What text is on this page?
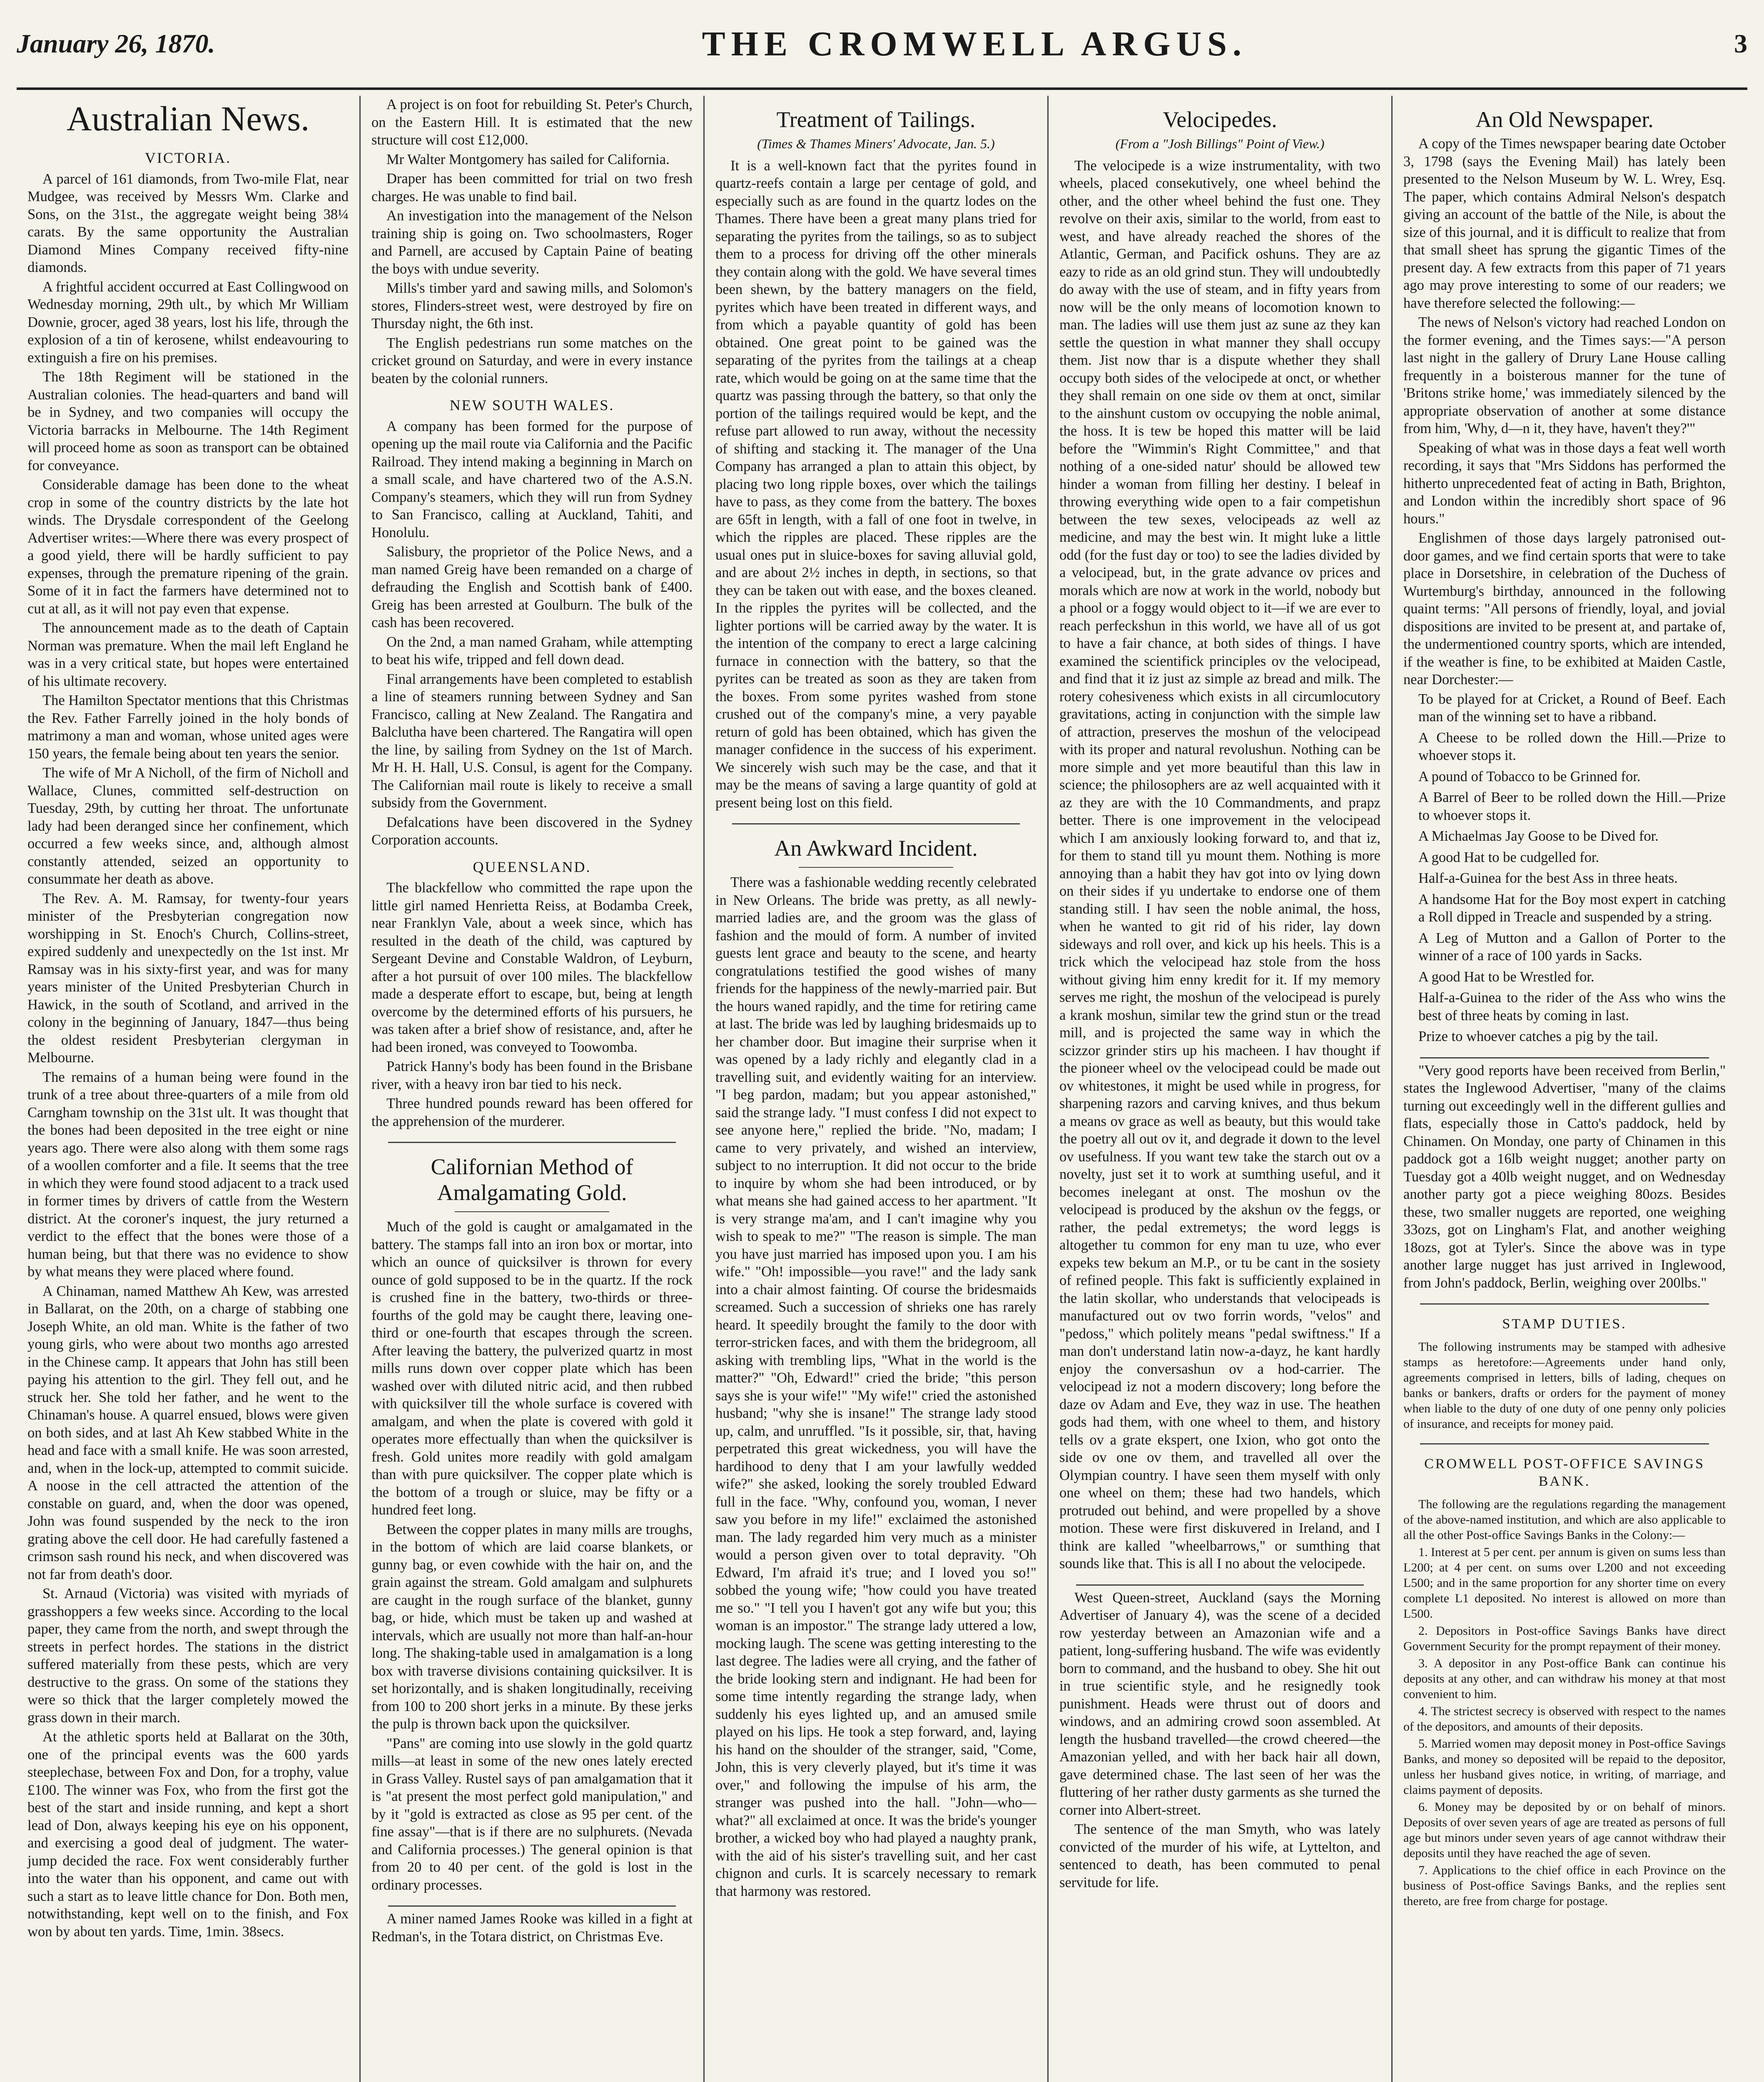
January 26, 1870.	THE CROMWELL ARGUS.	3
Australian News.
VICTORIA.

A parcel of 161 diamonds, from Two-mile Flat, near Mudgee, was received by Messrs Wm. Clarke and Sons, on the 31st., the aggregate weight being 38¼ carats. By the same opportunity the Australian Diamond Mines Company received fifty-nine diamonds.

A frightful accident occurred at East Collingwood on Wednesday morning, 29th ult., by which Mr William Downie, grocer, aged 38 years, lost his life, through the explosion of a tin of kerosene, whilst endeavouring to extinguish a fire on his premises.

The 18th Regiment will be stationed in the Australian colonies. The head-quarters and band will be in Sydney, and two companies will occupy the Victoria barracks in Melbourne. The 14th Regiment will proceed home as soon as transport can be obtained for conveyance.

Considerable damage has been done to the wheat crop in some of the country districts by the late hot winds. The Drysdale correspondent of the Geelong Advertiser writes:—Where there was every prospect of a good yield, there will be hardly sufficient to pay expenses, through the premature ripening of the grain. Some of it in fact the farmers have determined not to cut at all, as it will not pay even that expense.

The announcement made as to the death of Captain Norman was premature. When the mail left England he was in a very critical state, but hopes were entertained of his ultimate recovery.

The Hamilton Spectator mentions that this Christmas the Rev. Father Farrelly joined in the holy bonds of matrimony a man and woman, whose united ages were 150 years, the female being about ten years the senior.

The wife of Mr A Nicholl, of the firm of Nicholl and Wallace, Clunes, committed self-destruction on Tuesday, 29th, by cutting her throat. The unfortunate lady had been deranged since her confinement, which occurred a few weeks since, and, although almost constantly attended, seized an opportunity to consummate her death as above.

The Rev. A. M. Ramsay, for twenty-four years minister of the Presbyterian congregation now worshipping in St. Enoch's Church, Collins-street, expired suddenly and unexpectedly on the 1st inst. Mr Ramsay was in his sixty-first year, and was for many years minister of the United Presbyterian Church in Hawick, in the south of Scotland, and arrived in the colony in the beginning of January, 1847—thus being the oldest resident Presbyterian clergyman in Melbourne.

The remains of a human being were found in the trunk of a tree about three-quarters of a mile from old Carngham township on the 31st ult. It was thought that the bones had been deposited in the tree eight or nine years ago. There were also along with them some rags of a woollen comforter and a file. It seems that the tree in which they were found stood adjacent to a track used in former times by drivers of cattle from the Western district. At the coroner's inquest, the jury returned a verdict to the effect that the bones were those of a human being, but that there was no evidence to show by what means they were placed where found.

A Chinaman, named Matthew Ah Kew, was arrested in Ballarat, on the 20th, on a charge of stabbing one Joseph White, an old man. White is the father of two young girls, who were about two months ago arrested in the Chinese camp. It appears that John has still been paying his attention to the girl. They fell out, and he struck her. She told her father, and he went to the Chinaman's house. A quarrel ensued, blows were given on both sides, and at last Ah Kew stabbed White in the head and face with a small knife. He was soon arrested, and, when in the lock-up, attempted to commit suicide. A noose in the cell attracted the attention of the constable on guard, and, when the door was opened, John was found suspended by the neck to the iron grating above the cell door. He had carefully fastened a crimson sash round his neck, and when discovered was not far from death's door.

St. Arnaud (Victoria) was visited with myriads of grasshoppers a few weeks since. According to the local paper, they came from the north, and swept through the streets in perfect hordes. The stations in the district suffered materially from these pests, which are very destructive to the grass. On some of the stations they were so thick that the larger completely mowed the grass down in their march.

At the athletic sports held at Ballarat on the 30th, one of the principal events was the 600 yards steeplechase, between Fox and Don, for a trophy, value £100. The winner was Fox, who from the first got the best of the start and inside running, and kept a short lead of Don, always keeping his eye on his opponent, and exercising a good deal of judgment. The water-jump decided the race. Fox went considerably further into the water than his opponent, and came out with such a start as to leave little chance for Don. Both men, notwithstanding, kept well on to the finish, and Fox won by about ten yards. Time, 1min. 38secs.

A project is on foot for rebuilding St. Peter's Church, on the Eastern Hill. It is estimated that the new structure will cost £12,000.

Mr Walter Montgomery has sailed for California.

Draper has been committed for trial on two fresh charges. He was unable to find bail.

An investigation into the management of the Nelson training ship is going on. Two schoolmasters, Roger and Parnell, are accused by Captain Paine of beating the boys with undue severity.

Mills's timber yard and sawing mills, and Solomon's stores, Flinders-street west, were destroyed by fire on Thursday night, the 6th inst.

The English pedestrians run some matches on the cricket ground on Saturday, and were in every instance beaten by the colonial runners.

NEW SOUTH WALES.

A company has been formed for the purpose of opening up the mail route via California and the Pacific Railroad. They intend making a beginning in March on a small scale, and have chartered two of the A.S.N. Company's steamers, which they will run from Sydney to San Francisco, calling at Auckland, Tahiti, and Honolulu.

Salisbury, the proprietor of the Police News, and a man named Greig have been remanded on a charge of defrauding the English and Scottish bank of £400. Greig has been arrested at Goulburn. The bulk of the cash has been recovered.

On the 2nd, a man named Graham, while attempting to beat his wife, tripped and fell down dead.

Final arrangements have been completed to establish a line of steamers running between Sydney and San Francisco, calling at New Zealand. The Rangatira and Balclutha have been chartered. The Rangatira will open the line, by sailing from Sydney on the 1st of March. Mr H. H. Hall, U.S. Consul, is agent for the Company. The Californian mail route is likely to receive a small subsidy from the Government.

Defalcations have been discovered in the Sydney Corporation accounts.

QUEENSLAND.

The blackfellow who committed the rape upon the little girl named Henrietta Reiss, at Bodamba Creek, near Franklyn Vale, about a week since, which has resulted in the death of the child, was captured by Sergeant Devine and Constable Waldron, of Leyburn, after a hot pursuit of over 100 miles. The blackfellow made a desperate effort to escape, but, being at length overcome by the determined efforts of his pursuers, he was taken after a brief show of resistance, and, after he had been ironed, was conveyed to Toowomba.

Patrick Hanny's body has been found in the Brisbane river, with a heavy iron bar tied to his neck.

Three hundred pounds reward has been offered for the apprehension of the murderer.

Californian Method of Amalgamating Gold.

Much of the gold is caught or amalgamated in the battery. The stamps fall into an iron box or mortar, into which an ounce of quicksilver is thrown for every ounce of gold supposed to be in the quartz. If the rock is crushed fine in the battery, two-thirds or three-fourths of the gold may be caught there, leaving one-third or one-fourth that escapes through the screen. After leaving the battery, the pulverized quartz in most mills runs down over copper plate which has been washed over with diluted nitric acid, and then rubbed with quicksilver till the whole surface is covered with amalgam, and when the plate is covered with gold it operates more effectually than when the quicksilver is fresh. Gold unites more readily with gold amalgam than with pure quicksilver. The copper plate which is the bottom of a trough or sluice, may be fifty or a hundred feet long.

Between the copper plates in many mills are troughs, in the bottom of which are laid coarse blankets, or gunny bag, or even cowhide with the hair on, and the grain against the stream. Gold amalgam and sulphurets are caught in the rough surface of the blanket, gunny bag, or hide, which must be taken up and washed at intervals, which are usually not more than half-an-hour long. The shaking-table used in amalgamation is a long box with traverse divisions containing quicksilver. It is set horizontally, and is shaken longitudinally, receiving from 100 to 200 short jerks in a minute. By these jerks the pulp is thrown back upon the quicksilver.

"Pans" are coming into use slowly in the gold quartz mills—at least in some of the new ones lately erected in Grass Valley. Rustel says of pan amalgamation that it is "at present the most perfect gold manipulation," and by it "gold is extracted as close as 95 per cent. of the fine assay"—that is if there are no sulphurets. (Nevada and California processes.) The general opinion is that from 20 to 40 per cent. of the gold is lost in the ordinary processes.

A miner named James Rooke was killed in a fight at Redman's, in the Totara district, on Christmas Eve.

Treatment of Tailings.
(Times & Thames Miners' Advocate, Jan. 5.)

It is a well-known fact that the pyrites found in quartz-reefs contain a large per centage of gold, and especially such as are found in the quartz lodes on the Thames. There have been a great many plans tried for separating the pyrites from the tailings, so as to subject them to a process for driving off the other minerals they contain along with the gold. We have several times been shewn, by the battery managers on the field, pyrites which have been treated in different ways, and from which a payable quantity of gold has been obtained. One great point to be gained was the separating of the pyrites from the tailings at a cheap rate, which would be going on at the same time that the quartz was passing through the battery, so that only the portion of the tailings required would be kept, and the refuse part allowed to run away, without the necessity of shifting and stacking it. The manager of the Una Company has arranged a plan to attain this object, by placing two long ripple boxes, over which the tailings have to pass, as they come from the battery. The boxes are 65ft in length, with a fall of one foot in twelve, in which the ripples are placed. These ripples are the usual ones put in sluice-boxes for saving alluvial gold, and are about 2½ inches in depth, in sections, so that they can be taken out with ease, and the boxes cleaned. In the ripples the pyrites will be collected, and the lighter portions will be carried away by the water. It is the intention of the company to erect a large calcining furnace in connection with the battery, so that the pyrites can be treated as soon as they are taken from the boxes. From some pyrites washed from stone crushed out of the company's mine, a very payable return of gold has been obtained, which has given the manager confidence in the success of his experiment. We sincerely wish such may be the case, and that it may be the means of saving a large quantity of gold at present being lost on this field.

An Awkward Incident.

There was a fashionable wedding recently celebrated in New Orleans. The bride was pretty, as all newly-married ladies are, and the groom was the glass of fashion and the mould of form. A number of invited guests lent grace and beauty to the scene, and hearty congratulations testified the good wishes of many friends for the happiness of the newly-married pair. But the hours waned rapidly, and the time for retiring came at last. The bride was led by laughing bridesmaids up to her chamber door. But imagine their surprise when it was opened by a lady richly and elegantly clad in a travelling suit, and evidently waiting for an interview. "I beg pardon, madam; but you appear astonished," said the strange lady. "I must confess I did not expect to see anyone here," replied the bride. "No, madam; I came to very privately, and wished an interview, subject to no interruption. It did not occur to the bride to inquire by whom she had been introduced, or by what means she had gained access to her apartment. "It is very strange ma'am, and I can't imagine why you wish to speak to me?" "The reason is simple. The man you have just married has imposed upon you. I am his wife." "Oh! impossible—you rave!" and the lady sank into a chair almost fainting. Of course the bridesmaids screamed. Such a succession of shrieks one has rarely heard. It speedily brought the family to the door with terror-stricken faces, and with them the bridegroom, all asking with trembling lips, "What in the world is the matter?" "Oh, Edward!" cried the bride; "this person says she is your wife!" "My wife!" cried the astonished husband; "why she is insane!" The strange lady stood up, calm, and unruffled. "Is it possible, sir, that, having perpetrated this great wickedness, you will have the hardihood to deny that I am your lawfully wedded wife?" she asked, looking the sorely troubled Edward full in the face. "Why, confound you, woman, I never saw you before in my life!" exclaimed the astonished man. The lady regarded him very much as a minister would a person given over to total depravity. "Oh Edward, I'm afraid it's true; and I loved you so!" sobbed the young wife; "how could you have treated me so." "I tell you I haven't got any wife but you; this woman is an impostor." The strange lady uttered a low, mocking laugh. The scene was getting interesting to the last degree. The ladies were all crying, and the father of the bride looking stern and indignant. He had been for some time intently regarding the strange lady, when suddenly his eyes lighted up, and an amused smile played on his lips. He took a step forward, and, laying his hand on the shoulder of the stranger, said, "Come, John, this is very cleverly played, but it's time it was over," and following the impulse of his arm, the stranger was pushed into the hall. "John—who—what?" all exclaimed at once. It was the bride's younger brother, a wicked boy who had played a naughty prank, with the aid of his sister's travelling suit, and her cast chignon and curls. It is scarcely necessary to remark that harmony was restored.

Velocipedes.
(From a "Josh Billings" Point of View.)

The velocipede is a wize instrumentality, with two wheels, placed consekutively, one wheel behind the other, and the other wheel behind the fust one. They revolve on their axis, similar to the world, from east to west, and have already reached the shores of the Atlantic, German, and Pacifick oshuns. They are az eazy to ride as an old grind stun. They will undoubtedly do away with the use of steam, and in fifty years from now will be the only means of locomotion known to man. The ladies will use them just az sune az they kan settle the question in what manner they shall occupy them. Jist now thar is a dispute whether they shall occupy both sides of the velocipede at onct, or whether they shall remain on one side ov them at onct, similar to the ainshunt custom ov occupying the noble animal, the hoss. It is tew be hoped this matter will be laid before the "Wimmin's Right Committee," and that nothing of a one-sided natur' should be allowed tew hinder a woman from filling her destiny. I beleaf in throwing everything wide open to a fair competishun between the tew sexes, velocipeads az well az medicine, and may the best win. It might luke a little odd (for the fust day or too) to see the ladies divided by a velocipead, but, in the grate advance ov prices and morals which are now at work in the world, nobody but a phool or a foggy would object to it—if we are ever to reach perfeckshun in this world, we have all of us got to have a fair chance, at both sides of things. I have examined the scientifick principles ov the velocipead, and find that it iz just az simple az bread and milk. The rotery cohesiveness which exists in all circumlocutory gravitations, acting in conjunction with the simple law of attraction, preserves the moshun of the velocipead with its proper and natural revolushun. Nothing can be more simple and yet more beautiful than this law in science; the philosophers are az well acquainted with it az they are with the 10 Commandments, and prapz better. There is one improvement in the velocipead which I am anxiously looking forward to, and that iz, for them to stand till yu mount them. Nothing is more annoying than a habit they hav got into ov lying down on their sides if yu undertake to endorse one of them standing still. I hav seen the noble animal, the hoss, when he wanted to git rid of his rider, lay down sideways and roll over, and kick up his heels. This is a trick which the velocipead haz stole from the hoss without giving him enny kredit for it. If my memory serves me right, the moshun of the velocipead is purely a krank moshun, similar tew the grind stun or the tread mill, and is projected the same way in which the scizzor grinder stirs up his macheen. I hav thought if the pioneer wheel ov the velocipead could be made out ov whitestones, it might be used while in progress, for sharpening razors and carving knives, and thus bekum a means ov grace as well as beauty, but this would take the poetry all out ov it, and degrade it down to the level ov usefulness. If you want tew take the starch out ov a novelty, just set it to work at sumthing useful, and it becomes inelegant at onst. The moshun ov the velocipead is produced by the akshun ov the feggs, or rather, the pedal extremetys; the word leggs is altogether tu common for eny man tu uze, who ever expeks tew bekum an M.P., or tu be cant in the sosiety of refined people. This fakt is sufficiently explained in the latin skollar, who understands that velocipeads is manufactured out ov two forrin words, "velos" and "pedoss," which politely means "pedal swiftness." If a man don't understand latin now-a-dayz, he kant hardly enjoy the conversashun ov a hod-carrier. The velocipead iz not a modern discovery; long before the daze ov Adam and Eve, they waz in use. The heathen gods had them, with one wheel to them, and history tells ov a grate ekspert, one Ixion, who got onto the side ov one ov them, and travelled all over the Olympian country. I have seen them myself with only one wheel on them; these had two handels, which protruded out behind, and were propelled by a shove motion. These were first diskuvered in Ireland, and I think are kalled "wheelbarrows," or sumthing that sounds like that. This is all I no about the velocipede.

West Queen-street, Auckland (says the Morning Advertiser of January 4), was the scene of a decided row yesterday between an Amazonian wife and a patient, long-suffering husband. The wife was evidently born to command, and the husband to obey. She hit out in true scientific style, and he resignedly took punishment. Heads were thrust out of doors and windows, and an admiring crowd soon assembled. At length the husband travelled—the crowd cheered—the Amazonian yelled, and with her back hair all down, gave determined chase. The last seen of her was the fluttering of her rather dusty garments as she turned the corner into Albert-street.

The sentence of the man Smyth, who was lately convicted of the murder of his wife, at Lyttelton, and sentenced to death, has been commuted to penal servitude for life.

An Old Newspaper.

A copy of the Times newspaper bearing date October 3, 1798 (says the Evening Mail) has lately been presented to the Nelson Museum by W. L. Wrey, Esq. The paper, which contains Admiral Nelson's despatch giving an account of the battle of the Nile, is about the size of this journal, and it is difficult to realize that from that small sheet has sprung the gigantic Times of the present day. A few extracts from this paper of 71 years ago may prove interesting to some of our readers; we have therefore selected the following:—

The news of Nelson's victory had reached London on the former evening, and the Times says:—"A person last night in the gallery of Drury Lane House calling frequently in a boisterous manner for the tune of 'Britons strike home,' was immediately silenced by the appropriate observation of another at some distance from him, 'Why, d—n it, they have, haven't they?'"

Speaking of what was in those days a feat well worth recording, it says that "Mrs Siddons has performed the hitherto unprecedented feat of acting in Bath, Brighton, and London within the incredibly short space of 96 hours."

Englishmen of those days largely patronised out-door games, and we find certain sports that were to take place in Dorsetshire, in celebration of the Duchess of Wurtemburg's birthday, announced in the following quaint terms: "All persons of friendly, loyal, and jovial dispositions are invited to be present at, and partake of, the undermentioned country sports, which are intended, if the weather is fine, to be exhibited at Maiden Castle, near Dorchester:—

To be played for at Cricket, a Round of Beef. Each man of the winning set to have a ribband.

A Cheese to be rolled down the Hill.—Prize to whoever stops it.

A pound of Tobacco to be Grinned for.

A Barrel of Beer to be rolled down the Hill.—Prize to whoever stops it.

A Michaelmas Jay Goose to be Dived for.

A good Hat to be cudgelled for.

Half-a-Guinea for the best Ass in three heats.

A handsome Hat for the Boy most expert in catching a Roll dipped in Treacle and suspended by a string.

A Leg of Mutton and a Gallon of Porter to the winner of a race of 100 yards in Sacks.

A good Hat to be Wrestled for.

Half-a-Guinea to the rider of the Ass who wins the best of three heats by coming in last.

Prize to whoever catches a pig by the tail.

"Very good reports have been received from Berlin," states the Inglewood Advertiser, "many of the claims turning out exceedingly well in the different gullies and flats, especially those in Catto's paddock, held by Chinamen. On Monday, one party of Chinamen in this paddock got a 16lb weight nugget; another party on Tuesday got a 40lb weight nugget, and on Wednesday another party got a piece weighing 80ozs. Besides these, two smaller nuggets are reported, one weighing 33ozs, got on Lingham's Flat, and another weighing 18ozs, got at Tyler's. Since the above was in type another large nugget has just arrived in Inglewood, from John's paddock, Berlin, weighing over 200lbs."

STAMP DUTIES.

The following instruments may be stamped with adhesive stamps as heretofore:—Agreements under hand only, agreements comprised in letters, bills of lading, cheques on banks or bankers, drafts or orders for the payment of money when liable to the duty of one duty of one penny only policies of insurance, and receipts for money paid.

CROMWELL POST-OFFICE SAVINGS BANK.

The following are the regulations regarding the management of the above-named institution, and which are also applicable to all the other Post-office Savings Banks in the Colony:—

1. Interest at 5 per cent. per annum is given on sums less than L200; at 4 per cent. on sums over L200 and not exceeding L500; and in the same proportion for any shorter time on every complete L1 deposited. No interest is allowed on more than L500.

2. Depositors in Post-office Savings Banks have direct Government Security for the prompt repayment of their money.

3. A depositor in any Post-office Bank can continue his deposits at any other, and can withdraw his money at that most convenient to him.

4. The strictest secrecy is observed with respect to the names of the depositors, and amounts of their deposits.

5. Married women may deposit money in Post-office Savings Banks, and money so deposited will be repaid to the depositor, unless her husband gives notice, in writing, of marriage, and claims payment of deposits.

6. Money may be deposited by or on behalf of minors. Deposits of over seven years of age are treated as persons of full age but minors under seven years of age cannot withdraw their deposits until they have reached the age of seven.

7. Applications to the chief office in each Province on the business of Post-office Savings Banks, and the replies sent thereto, are free from charge for postage.
